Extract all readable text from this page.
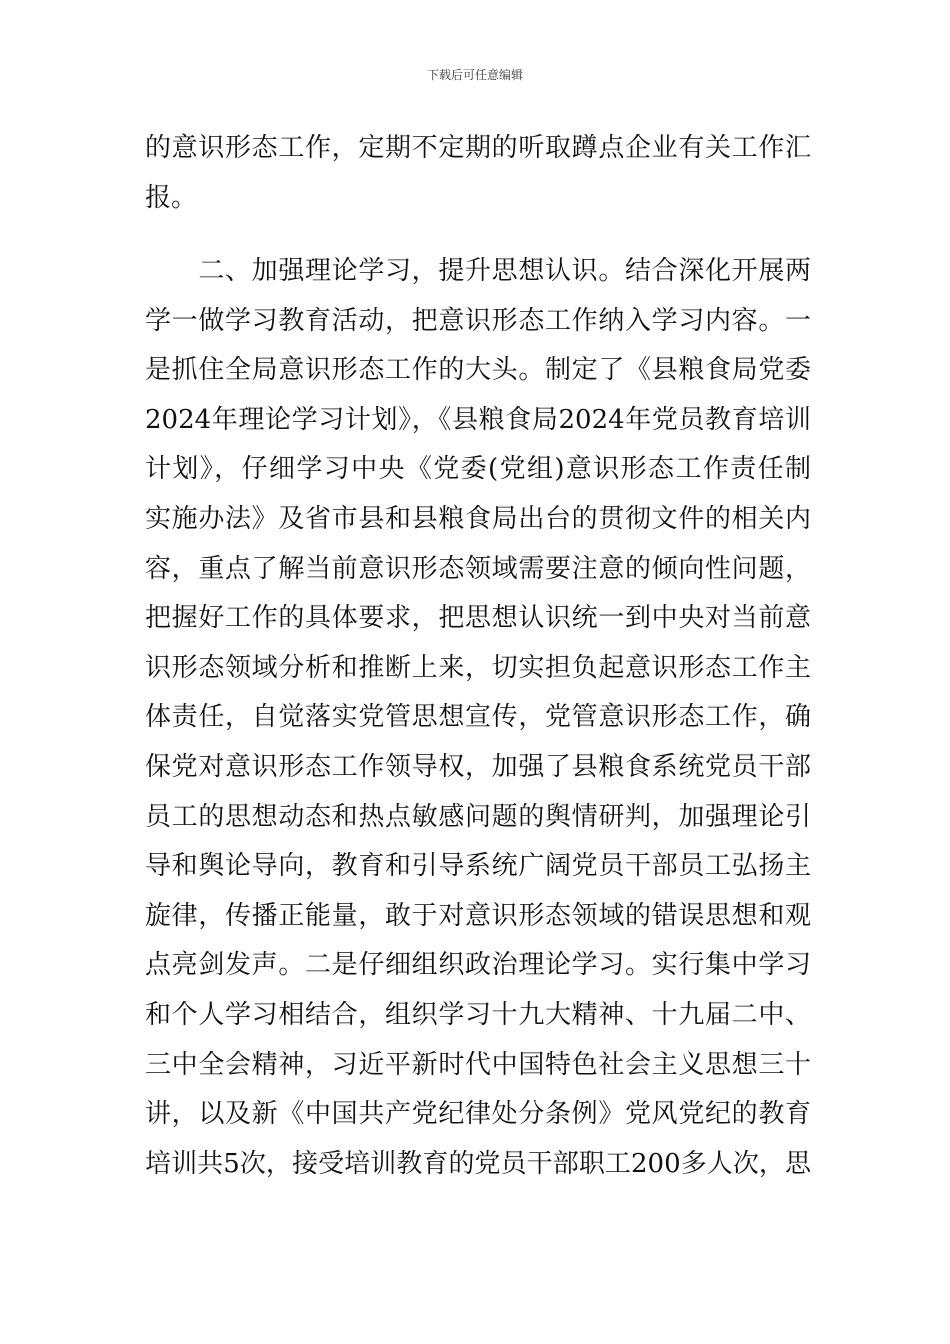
下载后可任意编辑
的意识形态工作，定期不定期的听取蹲点企业有关工作汇
报。
　　二、加强理论学习，提升思想认识。结合深化开展两
学一做学习教育活动，把意识形态工作纳入学习内容。一
是抓住全局意识形态工作的大头。制定了《县粮食局党委
2024年理论学习计划》，《县粮食局2024年党员教育培训
计划》，仔细学习中央《党委(党组)意识形态工作责任制
实施办法》及省市县和县粮食局出台的贯彻文件的相关内
容，重点了解当前意识形态领域需要注意的倾向性问题，
把握好工作的具体要求，把思想认识统一到中央对当前意
识形态领域分析和推断上来，切实担负起意识形态工作主
体责任，自觉落实党管思想宣传，党管意识形态工作，确
保党对意识形态工作领导权，加强了县粮食系统党员干部
员工的思想动态和热点敏感问题的舆情研判，加强理论引
导和舆论导向，教育和引导系统广阔党员干部员工弘扬主
旋律，传播正能量，敢于对意识形态领域的错误思想和观
点亮剑发声。二是仔细组织政治理论学习。实行集中学习
和个人学习相结合，组织学习十九大精神、十九届二中、
三中全会精神，习近平新时代中国特色社会主义思想三十
讲，以及新《中国共产党纪律处分条例》党风党纪的教育
培训共5次，接受培训教育的党员干部职工200多人次，思
